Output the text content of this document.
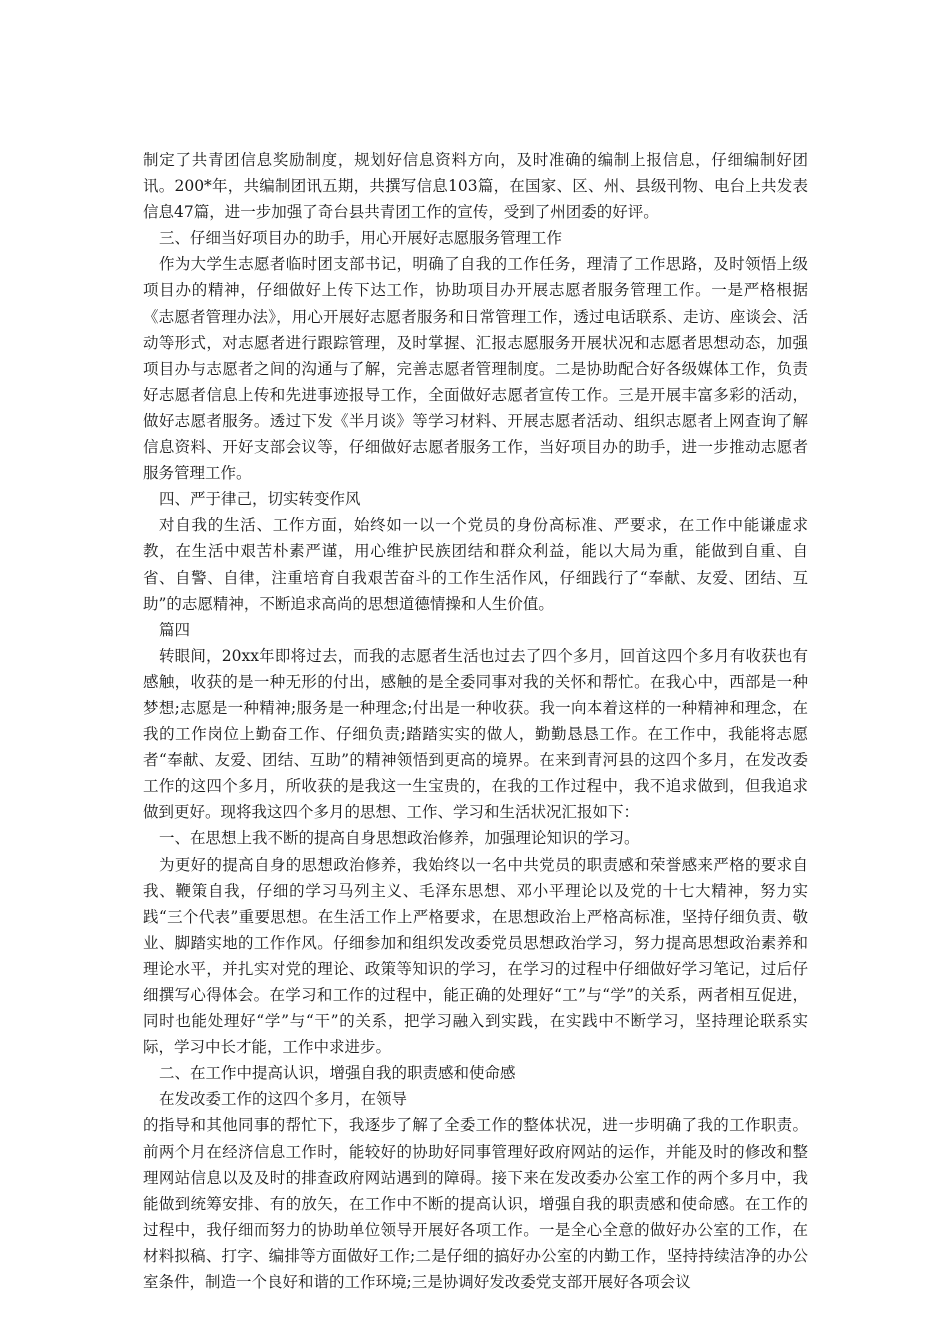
制定了共青团信息奖励制度，规划好信息资料方向，及时准确的编制上报信息，仔细编制好团讯。200*年，共编制团讯五期，共撰写信息103篇，在国家、区、州、县级刊物、电台上共发表信息47篇，进一步加强了奇台县共青团工作的宣传，受到了州团委的好评。

三、仔细当好项目办的助手，用心开展好志愿服务管理工作

作为大学生志愿者临时团支部书记，明确了自我的工作任务，理清了工作思路，及时领悟上级项目办的精神，仔细做好上传下达工作，协助项目办开展志愿者服务管理工作。一是严格根据《志愿者管理办法》，用心开展好志愿者服务和日常管理工作，透过电话联系、走访、座谈会、活动等形式，对志愿者进行跟踪管理，及时掌握、汇报志愿服务开展状况和志愿者思想动态，加强项目办与志愿者之间的沟通与了解，完善志愿者管理制度。二是协助配合好各级媒体工作，负责好志愿者信息上传和先进事迹报导工作，全面做好志愿者宣传工作。三是开展丰富多彩的活动，做好志愿者服务。透过下发《半月谈》等学习材料、开展志愿者活动、组织志愿者上网查询了解信息资料、开好支部会议等，仔细做好志愿者服务工作，当好项目办的助手，进一步推动志愿者服务管理工作。

四、严于律己，切实转变作风

对自我的生活、工作方面，始终如一以一个党员的身份高标准、严要求，在工作中能谦虚求教，在生活中艰苦朴素严谨，用心维护民族团结和群众利益，能以大局为重，能做到自重、自省、自警、自律，注重培育自我艰苦奋斗的工作生活作风，仔细践行了“奉献、友爱、团结、互助”的志愿精神，不断追求高尚的思想道德情操和人生价值。

篇四

转眼间，20xx年即将过去，而我的志愿者生活也过去了四个多月，回首这四个多月有收获也有感触，收获的是一种无形的付出，感触的是全委同事对我的关怀和帮忙。在我心中，西部是一种梦想;志愿是一种精神;服务是一种理念;付出是一种收获。我一向本着这样的一种精神和理念，在我的工作岗位上勤奋工作、仔细负责;踏踏实实的做人，勤勤恳恳工作。在工作中，我能将志愿者“奉献、友爱、团结、互助”的精神领悟到更高的境界。在来到青河县的这四个多月，在发改委工作的这四个多月，所收获的是我这一生宝贵的，在我的工作过程中，我不追求做到，但我追求做到更好。现将我这四个多月的思想、工作、学习和生活状况汇报如下：

一、在思想上我不断的提高自身思想政治修养，加强理论知识的学习。

为更好的提高自身的思想政治修养，我始终以一名中共党员的职责感和荣誉感来严格的要求自我、鞭策自我，仔细的学习马列主义、毛泽东思想、邓小平理论以及党的十七大精神，努力实践“三个代表”重要思想。在生活工作上严格要求，在思想政治上严格高标准，坚持仔细负责、敬业、脚踏实地的工作作风。仔细参加和组织发改委党员思想政治学习，努力提高思想政治素养和理论水平，并扎实对党的理论、政策等知识的学习，在学习的过程中仔细做好学习笔记，过后仔细撰写心得体会。在学习和工作的过程中，能正确的处理好“工”与“学”的关系，两者相互促进，同时也能处理好“学”与“干”的关系，把学习融入到实践，在实践中不断学习，坚持理论联系实际，学习中长才能，工作中求进步。

二、在工作中提高认识，增强自我的职责感和使命感

在发改委工作的这四个多月，在领导

的指导和其他同事的帮忙下，我逐步了解了全委工作的整体状况，进一步明确了我的工作职责。前两个月在经济信息工作时，能较好的协助好同事管理好政府网站的运作，并能及时的修改和整理网站信息以及及时的排查政府网站遇到的障碍。接下来在发改委办公室工作的两个多月中，我能做到统筹安排、有的放矢，在工作中不断的提高认识，增强自我的职责感和使命感。在工作的过程中，我仔细而努力的协助单位领导开展好各项工作。一是全心全意的做好办公室的工作，在材料拟稿、打字、编排等方面做好工作;二是仔细的搞好办公室的内勤工作，坚持持续洁净的办公室条件，制造一个良好和谐的工作环境;三是协调好发改委党支部开展好各项会议
